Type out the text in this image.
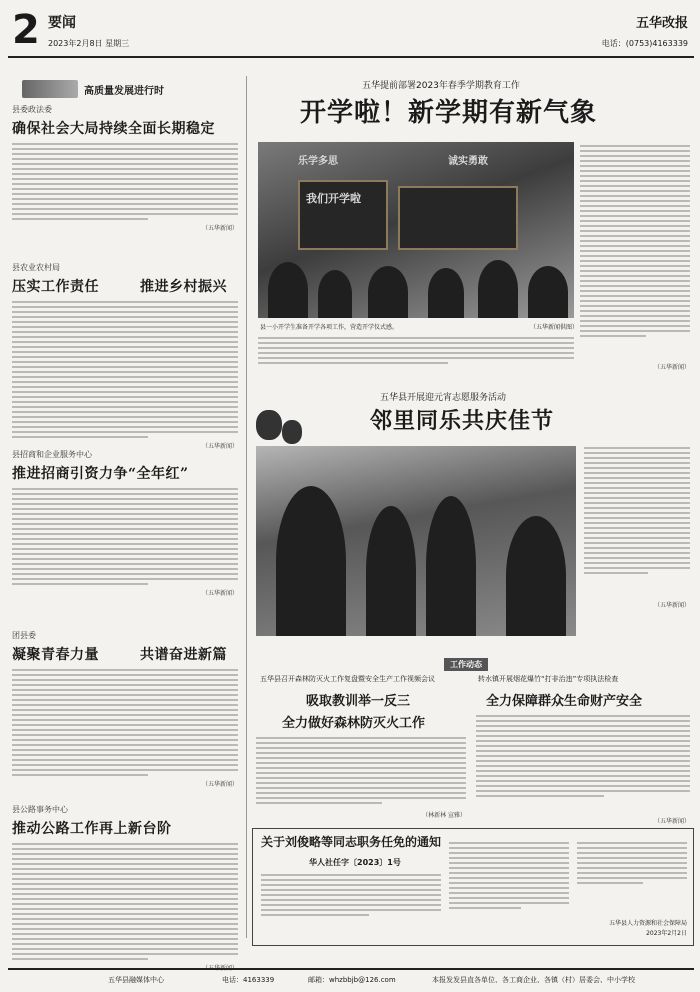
2 要闻
2023年2月8日 星期三
五华改报
电话：(0753)4163339
高质量发展进行时
县委政法委
确保社会大局持续全面长期稳定
（五华新闻）
县农业农村局
压实工作责任	推进乡村振兴
（五华新闻）
县招商和企业服务中心
推进招商引资力争“全年红”
（五华新闻）
团县委
凝聚青春力量	共谱奋进新篇
（五华新闻）
县公路事务中心
推动公路工作再上新台阶
（五华新闻）
五华提前部署2023年春季学期教育工作
开学啦！新学期有新气象
乐学多思	诚实勇敢
我们开学啦
县一小开学生准备开学各项工作，营造开学仪式感。	（五华新闻供图）
（五华新闻）
五华县开展迎元宵志愿服务活动
邻里同乐共庆佳节
（五华新闻）
工作动态
五华县召开森林防灭火工作复盘暨安全生产工作视频会议
吸取教训举一反三
全力做好森林防灭火工作
（林新林 宣雅）
转水镇开展烟花爆竹“打非治违”专项执法检查
全力保障群众生命财产安全
（五华新闻）
关于刘俊略等同志职务任免的通知
华人社任字〔2023〕1号
五华县人力资源和社会保障局
2023年2月2日
五华县融媒体中心	电话：4163339	邮箱：whzbbjb@126.com	本报发发县直各单位、各工商企业、各镇（村）居委会、中小学校
